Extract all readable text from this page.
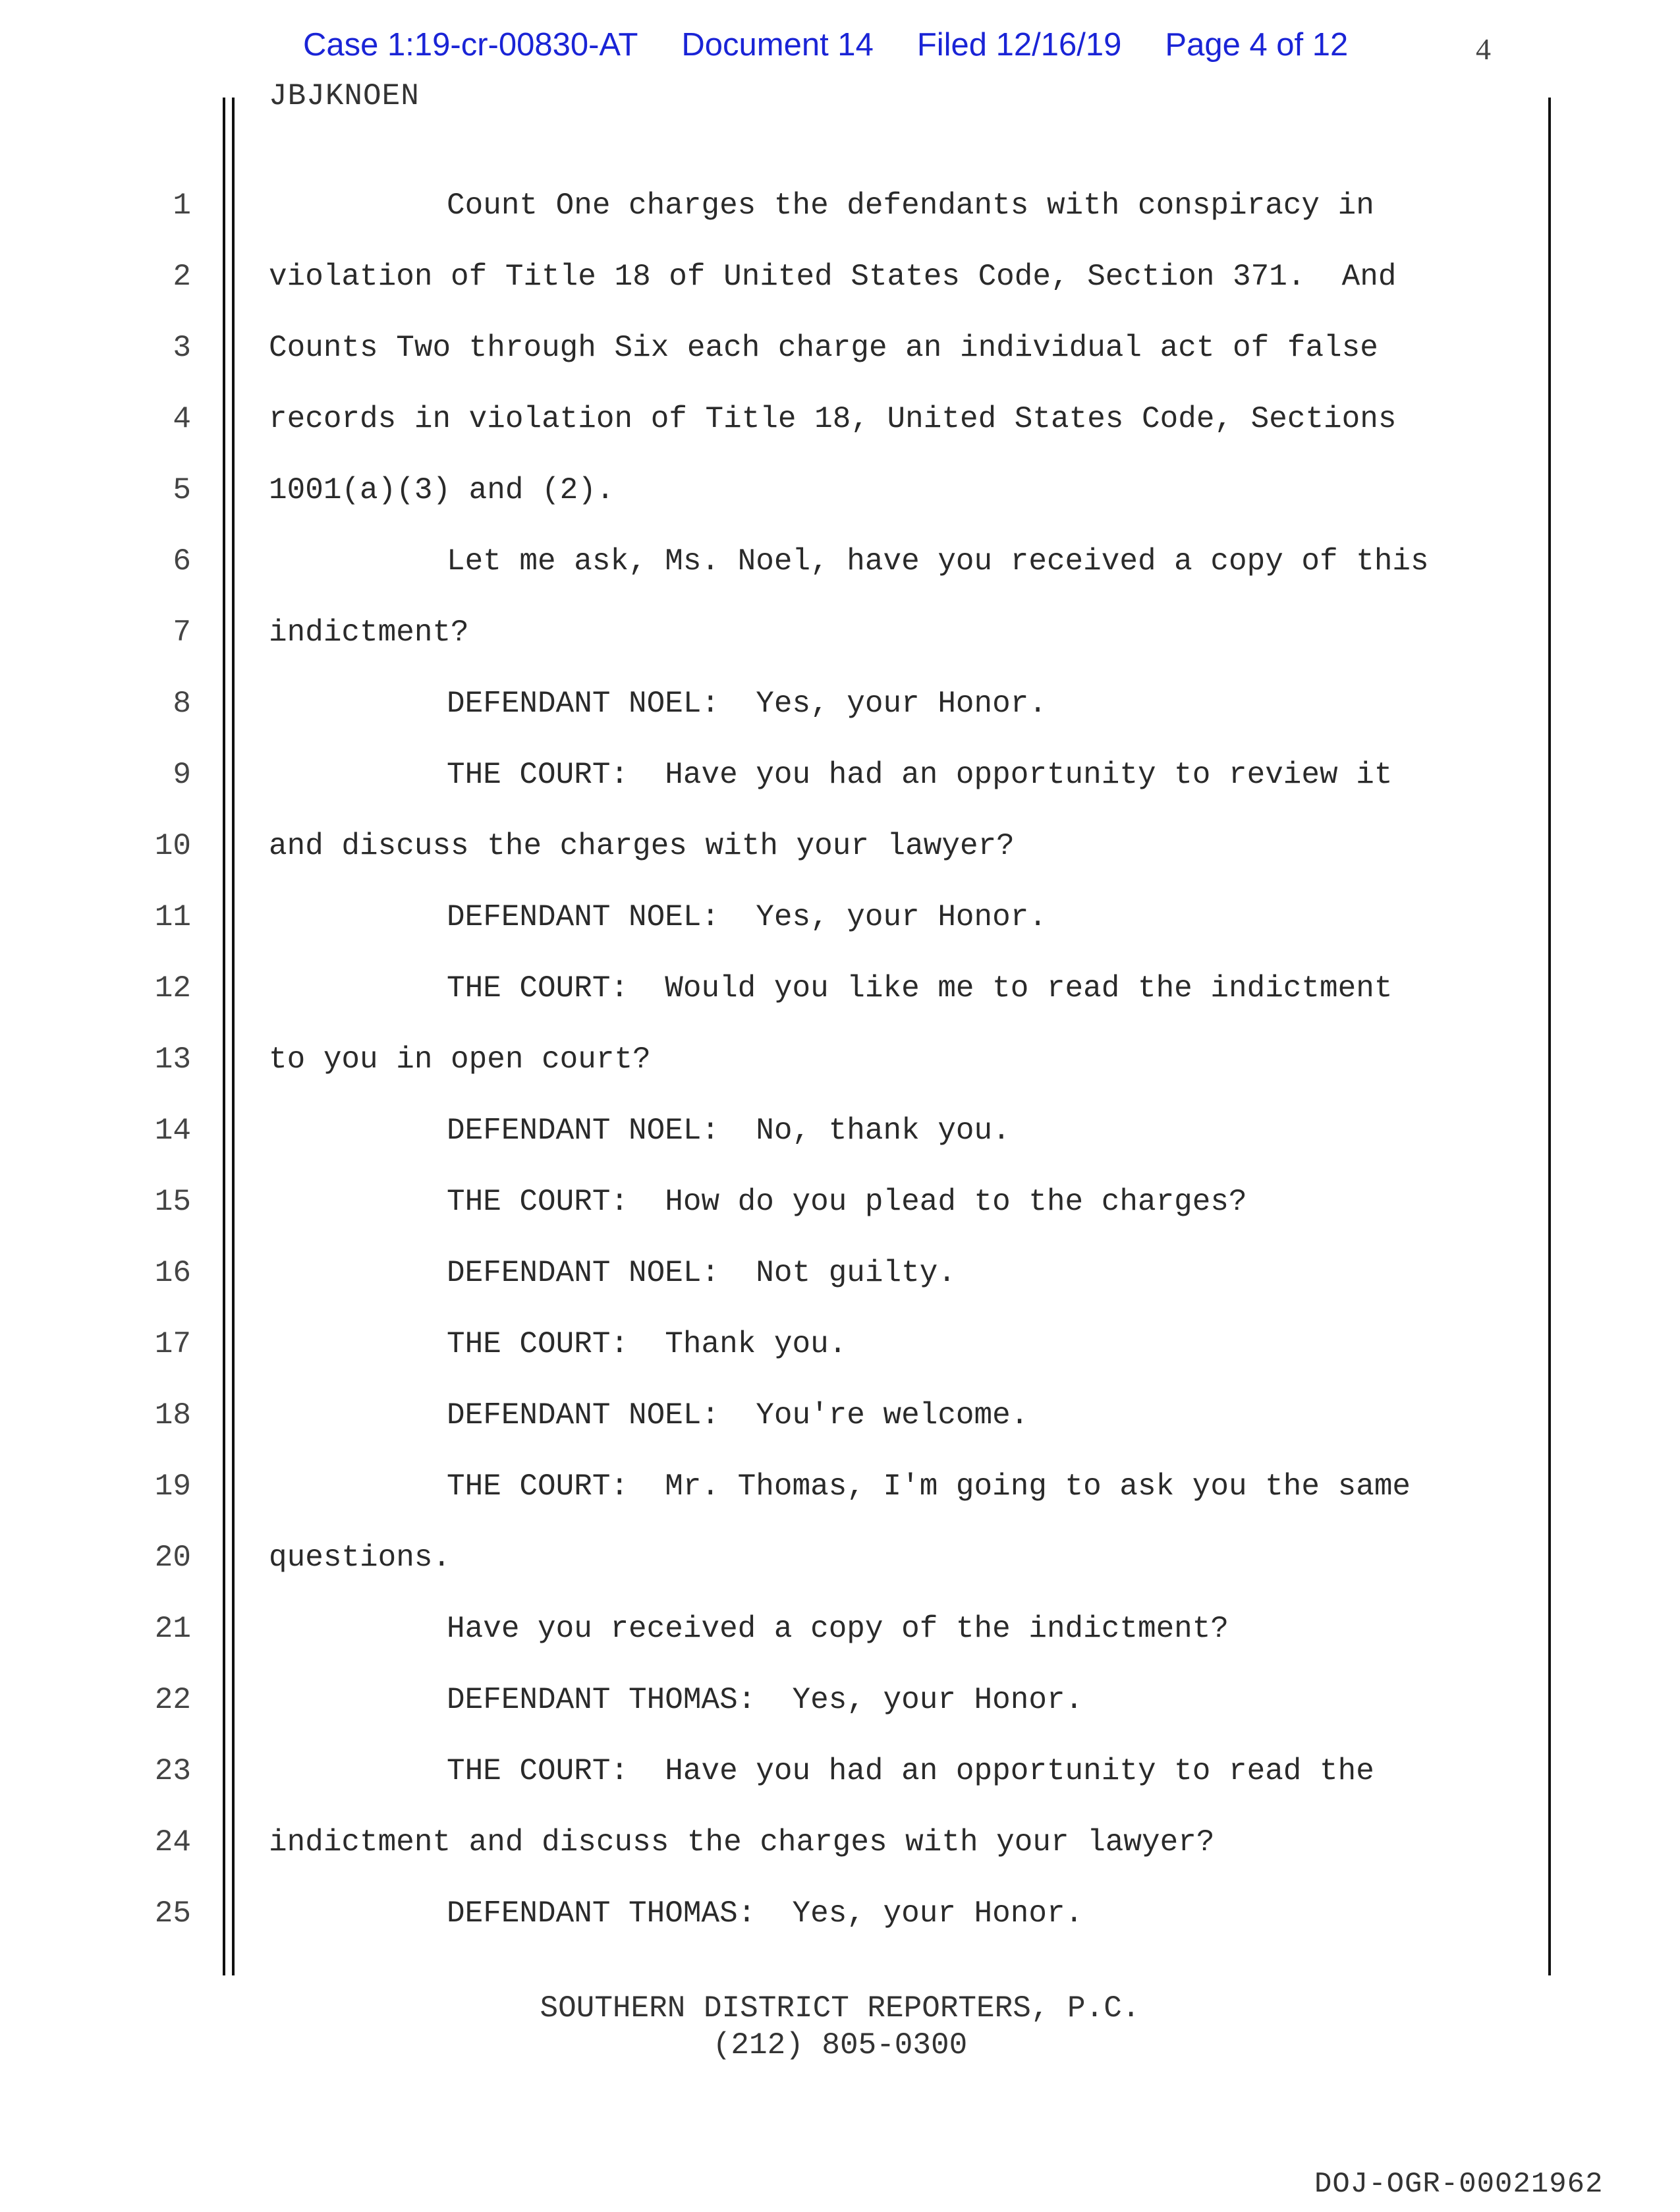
Case 1:19-cr-00830-AT Document 14 Filed 12/16/19 Page 4 of 12	4
JBJKNOEN
1	Count One charges the defendants with conspiracy in
2	violation of Title 18 of United States Code, Section 371.  And
3	Counts Two through Six each charge an individual act of false
4	records in violation of Title 18, United States Code, Sections
5	1001(a)(3) and (2).
6	Let me ask, Ms. Noel, have you received a copy of this
7	indictment?
8	DEFENDANT NOEL:  Yes, your Honor.
9	THE COURT:  Have you had an opportunity to review it
10	and discuss the charges with your lawyer?
11	DEFENDANT NOEL:  Yes, your Honor.
12	THE COURT:  Would you like me to read the indictment
13	to you in open court?
14	DEFENDANT NOEL:  No, thank you.
15	THE COURT:  How do you plead to the charges?
16	DEFENDANT NOEL:  Not guilty.
17	THE COURT:  Thank you.
18	DEFENDANT NOEL:  You're welcome.
19	THE COURT:  Mr. Thomas, I'm going to ask you the same
20	questions.
21	Have you received a copy of the indictment?
22	DEFENDANT THOMAS:  Yes, your Honor.
23	THE COURT:  Have you had an opportunity to read the
24	indictment and discuss the charges with your lawyer?
25	DEFENDANT THOMAS:  Yes, your Honor.
SOUTHERN DISTRICT REPORTERS, P.C.
(212) 805-0300
DOJ-OGR-00021962
